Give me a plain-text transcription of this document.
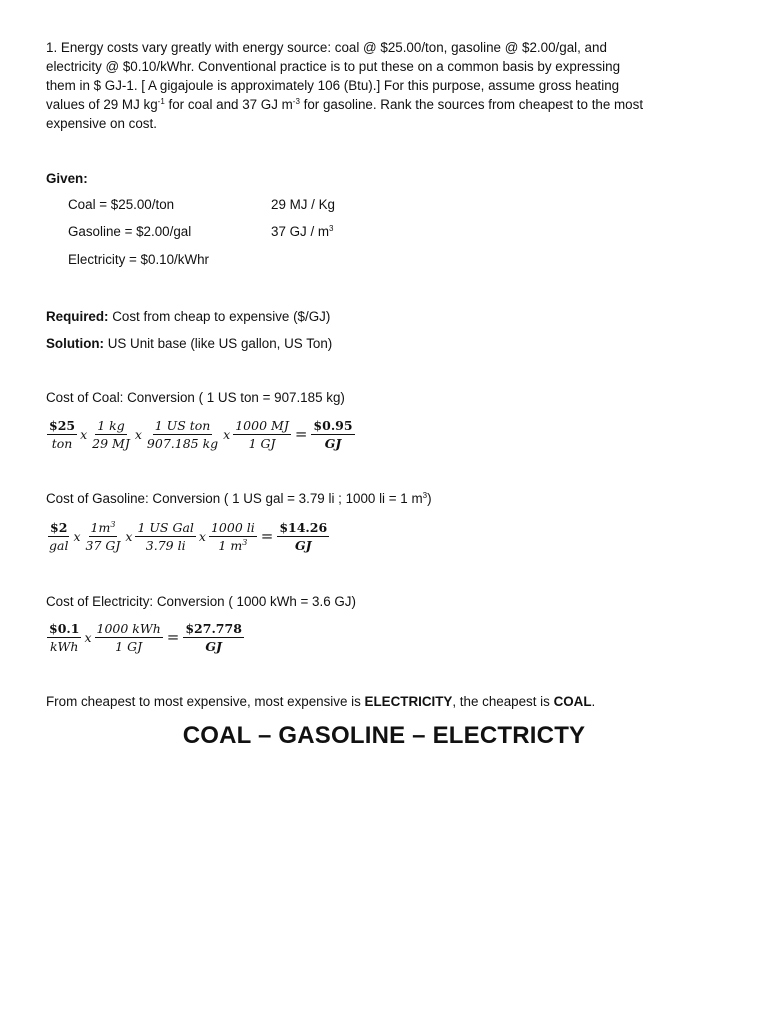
1. Energy costs vary greatly with energy source: coal @ $25.00/ton, gasoline @ $2.00/gal, and
electricity @ $0.10/kWhr. Conventional practice is to put these on a common basis by expressing
them in $ GJ-1. [ A gigajoule is approximately 106 (Btu).] For this purpose, assume gross heating
values of 29 MJ $kg^{-1}$ for coal and 37 GJ $m^{-3}$ for gasoline. Rank the sources from cheapest to the most
expensive on cost.
Given:
Coal = $25.00/ton	29 MJ / Kg
Gasoline = $2.00/gal	37 GJ / $m^3$
Electricity = $0.10/kWhr
Required: Cost from cheap to expensive ($/GJ)
Solution: US Unit base (like US gallon, US Ton)
Cost of Coal: Conversion ( 1 US ton = 907.185 kg)
$\frac{\$25}{\text{ton}}$ x $\frac{1 kg}{29 MJ}$ x $\frac{\text{1 US ton}}{907.185 kg}$ x $\frac{1000 MJ}{1 GJ} = \frac{\$0.95}{GJ}$
Cost of Gasoline: Conversion ( 1 US gal = 3.79 li ; 1000 li = 1 $m^3$)
$\frac{\$2}{\text{gal}}$ x $\frac{1m^3}{37 GJ}$ x $\frac{\text{1 US Gal}}{3.79 li}$ x $\frac{1000 li}{1 m^3} = \frac{\$14.26}{GJ}$
Cost of Electricity: Conversion ( 1000 kWh = 3.6 GJ)
$\frac{\$0.1}{\text{kWh}}$ x $\frac{\text{1000 kWh}}{1 GJ} = \frac{\$27.778}{GJ}$
From cheapest to most expensive, most expensive is ELECTRICITY, the cheapest is COAL.
COAL – GASOLINE – ELECTRICTY
